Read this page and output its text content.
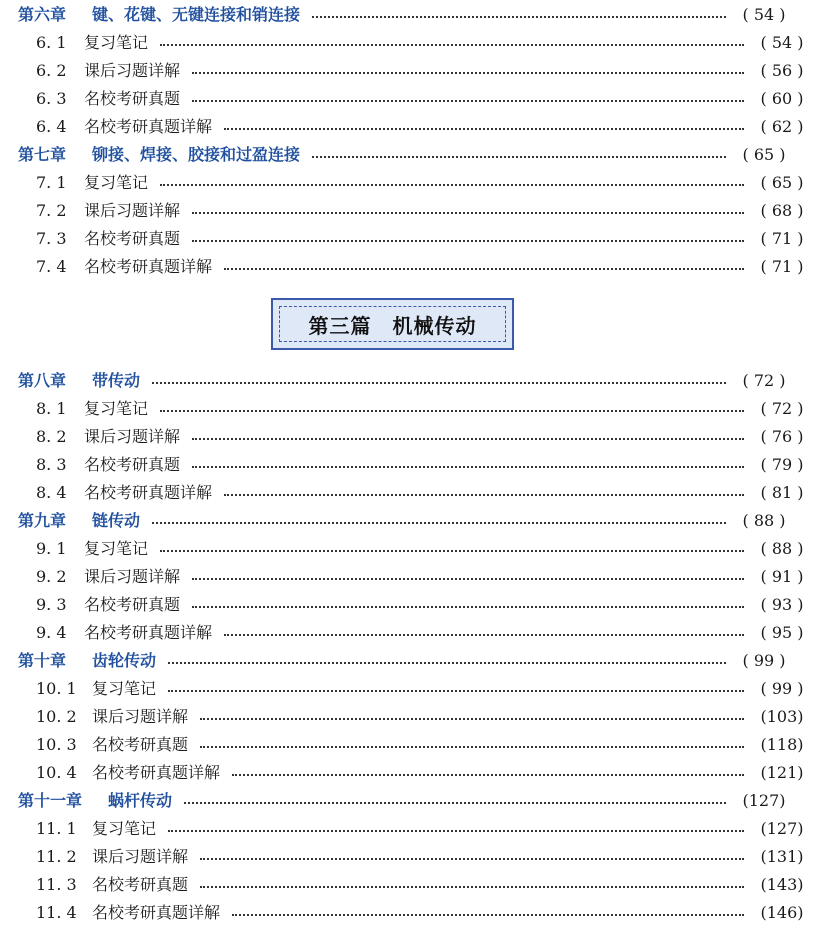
第六章 键、花键、无键连接和销连接	( 54 )
6. 1	复习笔记	( 54 )
6. 2	课后习题详解	( 56 )
6. 3	名校考研真题	( 60 )
6. 4	名校考研真题详解	( 62 )
第七章 铆接、焊接、胶接和过盈连接	( 65 )
7. 1	复习笔记	( 65 )
7. 2	课后习题详解	( 68 )
7. 3	名校考研真题	( 71 )
7. 4	名校考研真题详解	( 71 )
第三篇　机械传动
第八章 带传动	( 72 )
8. 1	复习笔记	( 72 )
8. 2	课后习题详解	( 76 )
8. 3	名校考研真题	( 79 )
8. 4	名校考研真题详解	( 81 )
第九章 链传动	( 88 )
9. 1	复习笔记	( 88 )
9. 2	课后习题详解	( 91 )
9. 3	名校考研真题	( 93 )
9. 4	名校考研真题详解	( 95 )
第十章 齿轮传动	( 99 )
10. 1 复习笔记	( 99 )
10. 2 课后习题详解	(103)
10. 3 名校考研真题	(118)
10. 4 名校考研真题详解	(121)
第十一章 蜗杆传动	(127)
11. 1 复习笔记	(127)
11. 2 课后习题详解	(131)
11. 3 名校考研真题	(143)
11. 4 名校考研真题详解	(146)
